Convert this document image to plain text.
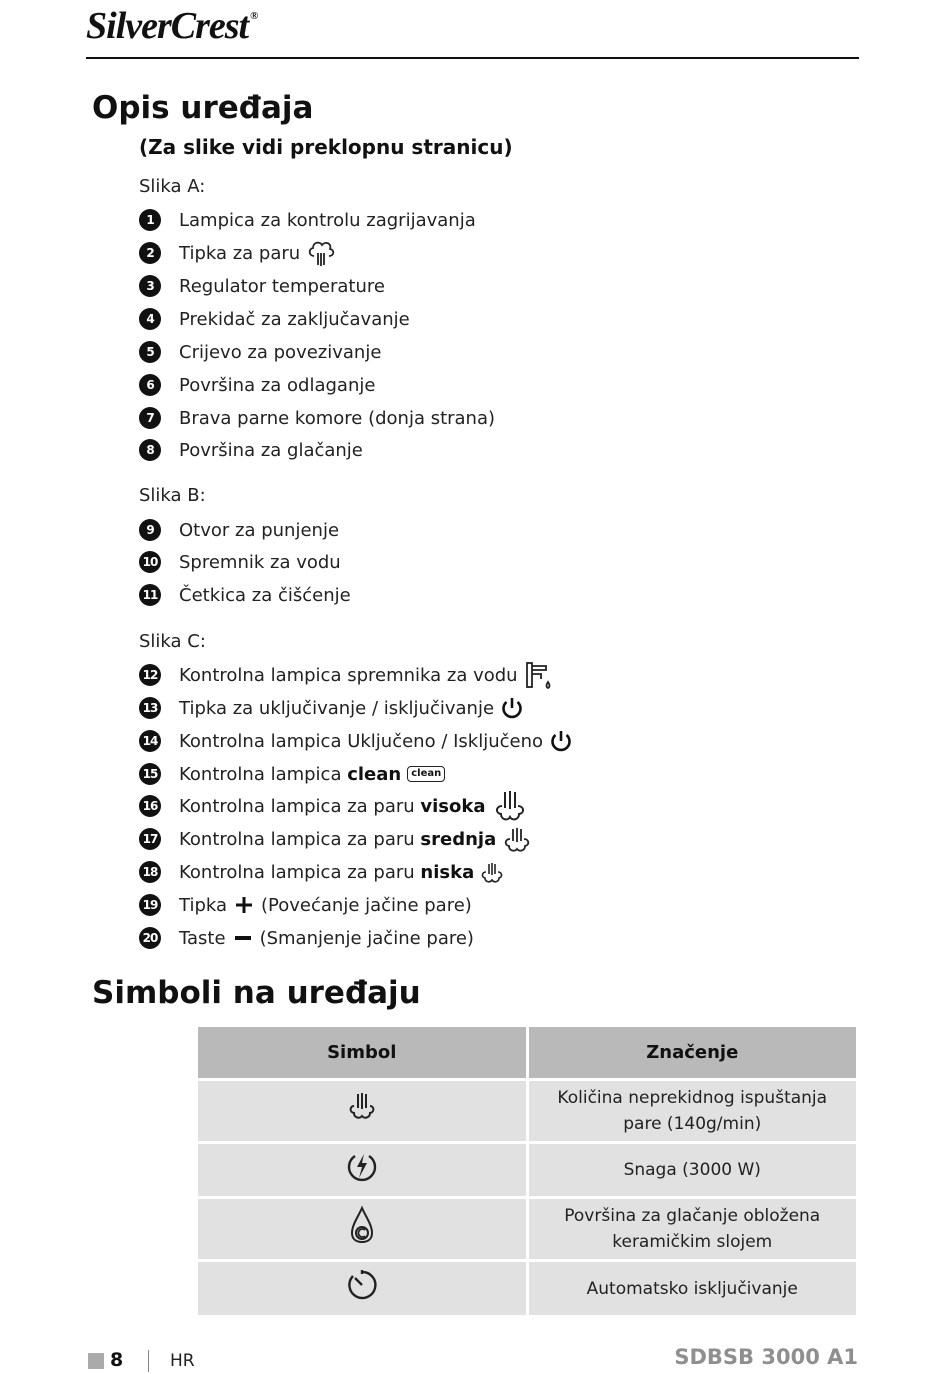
SilverCrest ®
Opis uređaja
(Za slike vidi preklopnu stranicu)
Slika A:
1	Lampica za kontrolu zagrijavanja
2	Tipka za paru
3	Regulator temperature
4	Prekidač za zaključavanje
5	Crijevo za povezivanje
6	Površina za odlaganje
7	Brava parne komore (donja strana)
8	Površina za glačanje
Slika B:
9	Otvor za punjenje
10 Spremnik za vodu
11 Četkica za čišćenje
Slika C:
12 Kontrolna lampica spremnika za vodu
13 Tipka za uključivanje / isključivanje
14 Kontrolna lampica Uključeno / Isključeno
15 Kontrolna lampica
clean	clean
16 Kontrolna lampica za paru
visoka
17 Kontrolna lampica za paru
srednja
18 Kontrolna lampica za paru
niska
19 Tipka (Povećanje jačine pare)
20 Taste (Smanjenje jačine pare)
Simboli na uređaju
Simbol	Značenje
	Količina neprekidnog ispuštanja pare (140g/min)
	Snaga (3000 W)
	Površina za glačanje obložena keramičkim slojem
	Automatsko isključivanje
8	HR	SDBSB 3000 A1
